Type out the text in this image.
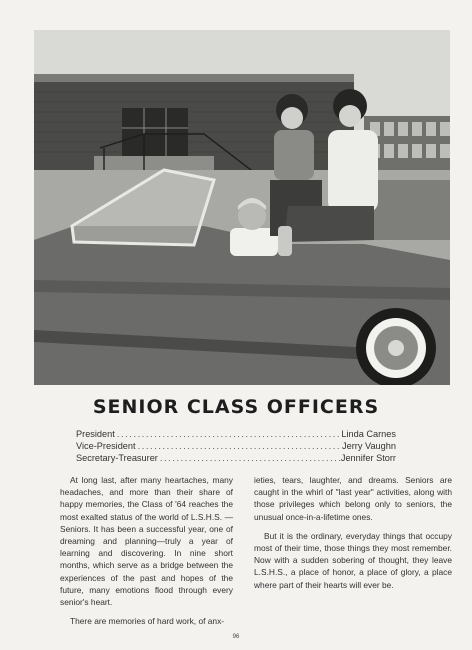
SENIOR CLASS OFFICERS
President .....	Linda Carnes
Vice-President .....	Jerry Vaughn
Secretary-Treasurer .....	Jennifer Storr

At long last, after many heartaches, many headaches, and more than their share of happy memories, the Class of '64 reaches the most exalted status of the world of L.S.H.S. —Seniors. It has been a successful year, one of dreaming and planning—truly a year of learning and discovering. In nine short months, which serve as a bridge between the experiences of the past and hopes of the future, many emotions flood through every senior's heart.

There are memories of hard work, of anx-

ieties, tears, laughter, and dreams. Seniors are caught in the whirl of "last year" activities, along with those privileges which belong only to seniors, the unusual once-in-a-lifetime ones.

But it is the ordinary, everyday things that occupy most of their time, those things they most remember. Now with a sudden sobering of thought, they leave L.S.H.S., a place of honor, a place of glory, a place where part of their hearts will ever be.

96
